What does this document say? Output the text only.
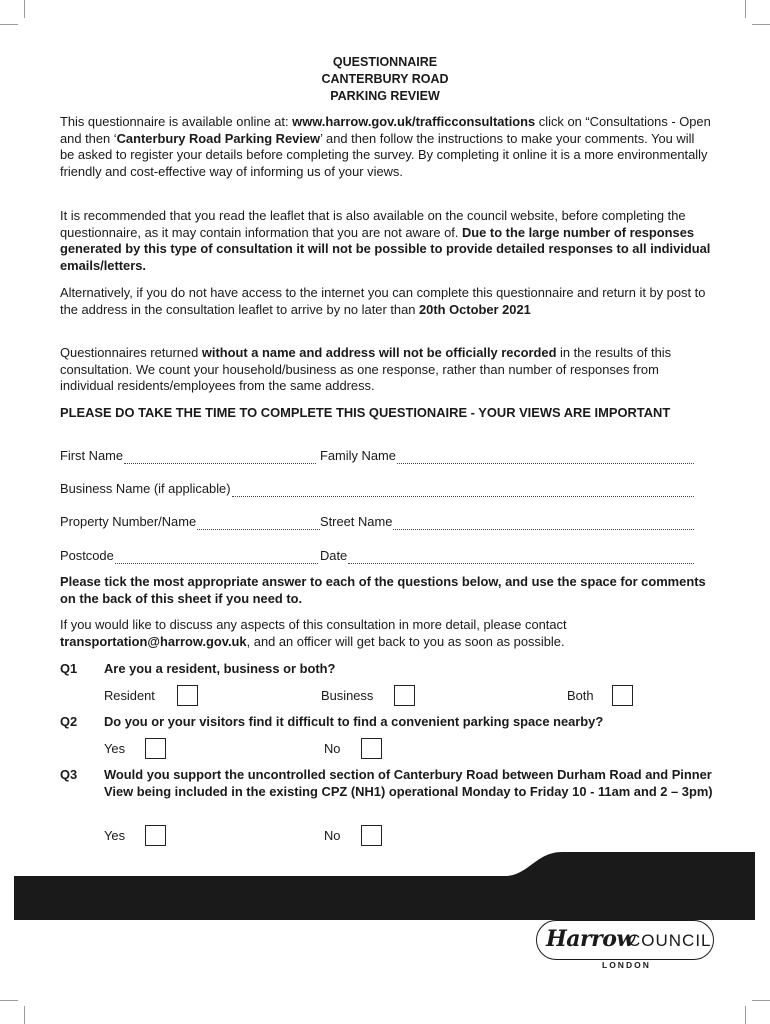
QUESTIONNAIRE
CANTERBURY ROAD
PARKING REVIEW

This questionnaire is available online at: www.harrow.gov.uk/trafficconsultations click on “Consultations - Open and then ‘Canterbury Road Parking Review’ and then follow the instructions to make your comments. You will be asked to register your details before completing the survey. By completing it online it is a more environmentally friendly and cost-effective way of informing us of your views.

It is recommended that you read the leaflet that is also available on the council website, before completing the questionnaire, as it may contain information that you are not aware of. Due to the large number of responses generated by this type of consultation it will not be possible to provide detailed responses to all individual emails/letters.

Alternatively, if you do not have access to the internet you can complete this questionnaire and return it by post to the address in the consultation leaflet to arrive by no later than 20th October 2021

Questionnaires returned without a name and address will not be officially recorded in the results of this consultation. We count your household/business as one response, rather than number of responses from individual residents/employees from the same address.

PLEASE DO TAKE THE TIME TO COMPLETE THIS QUESTIONAIRE - YOUR VIEWS ARE IMPORTANT

First Name	Family Name
Business Name (if applicable)
Property Number/Name	Street Name
Postcode	Date

Please tick the most appropriate answer to each of the questions below, and use the space for comments on the back of this sheet if you need to.

If you would like to discuss any aspects of this consultation in more detail, please contact transportation@harrow.gov.uk, and an officer will get back to you as soon as possible.

Q1 Are you a resident, business or both?
Resident	Business	Both
Q2 Do you or your visitors find it difficult to find a convenient parking space nearby?
Yes	No
Q3 Would you support the uncontrolled section of Canterbury Road between Durham Road and Pinner View being included in the existing CPZ (NH1) operational Monday to Friday 10 - 11am and 2 – 3pm)
Yes	No
Harrow
COUNCIL
LONDON
